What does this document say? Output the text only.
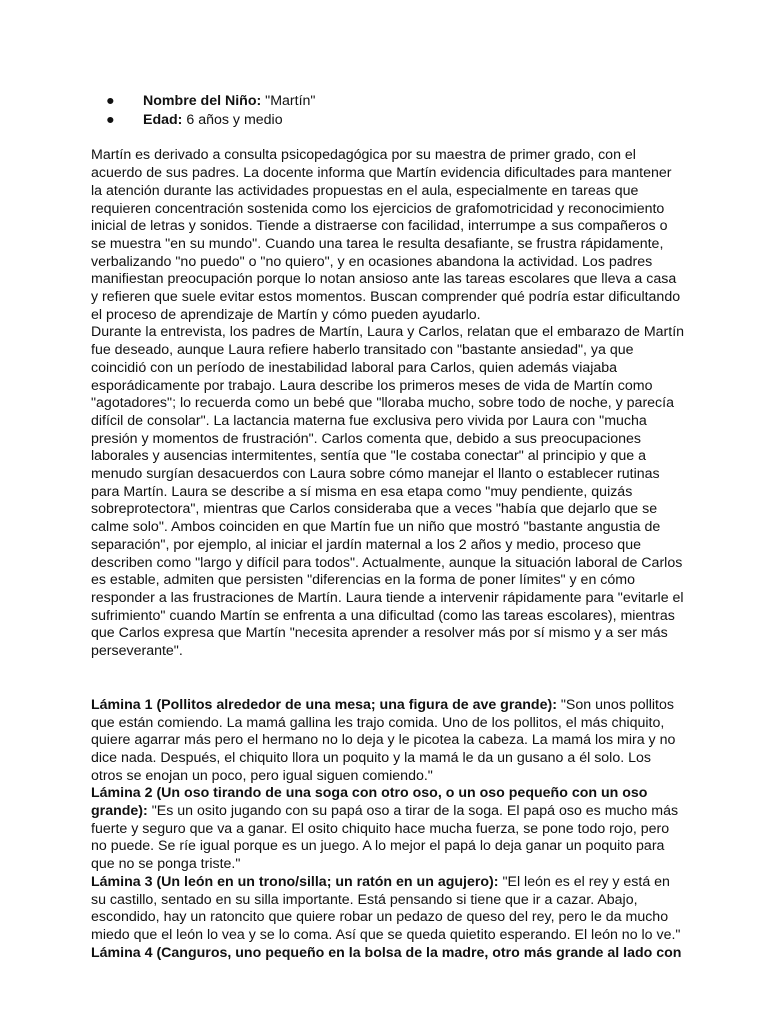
● Nombre del Niño: "Martín"
● Edad: 6 años y medio

Martín es derivado a consulta psicopedagógica por su maestra de primer grado, con el acuerdo de sus padres. La docente informa que Martín evidencia dificultades para mantener la atención durante las actividades propuestas en el aula, especialmente en tareas que requieren concentración sostenida como los ejercicios de grafomotricidad y reconocimiento inicial de letras y sonidos. Tiende a distraerse con facilidad, interrumpe a sus compañeros o se muestra "en su mundo". Cuando una tarea le resulta desafiante, se frustra rápidamente, verbalizando "no puedo" o "no quiero", y en ocasiones abandona la actividad. Los padres manifiestan preocupación porque lo notan ansioso ante las tareas escolares que lleva a casa y refieren que suele evitar estos momentos. Buscan comprender qué podría estar dificultando el proceso de aprendizaje de Martín y cómo pueden ayudarlo.

Durante la entrevista, los padres de Martín, Laura y Carlos, relatan que el embarazo de Martín fue deseado, aunque Laura refiere haberlo transitado con "bastante ansiedad", ya que coincidió con un período de inestabilidad laboral para Carlos, quien además viajaba esporádicamente por trabajo. Laura describe los primeros meses de vida de Martín como "agotadores"; lo recuerda como un bebé que "lloraba mucho, sobre todo de noche, y parecía difícil de consolar". La lactancia materna fue exclusiva pero vivida por Laura con "mucha presión y momentos de frustración". Carlos comenta que, debido a sus preocupaciones laborales y ausencias intermitentes, sentía que "le costaba conectar" al principio y que a menudo surgían desacuerdos con Laura sobre cómo manejar el llanto o establecer rutinas para Martín. Laura se describe a sí misma en esa etapa como "muy pendiente, quizás sobreprotectora", mientras que Carlos consideraba que a veces "había que dejarlo que se calme solo". Ambos coinciden en que Martín fue un niño que mostró "bastante angustia de separación", por ejemplo, al iniciar el jardín maternal a los 2 años y medio, proceso que describen como "largo y difícil para todos". Actualmente, aunque la situación laboral de Carlos es estable, admiten que persisten "diferencias en la forma de poner límites" y en cómo responder a las frustraciones de Martín. Laura tiende a intervenir rápidamente para "evitarle el sufrimiento" cuando Martín se enfrenta a una dificultad (como las tareas escolares), mientras que Carlos expresa que Martín "necesita aprender a resolver más por sí mismo y a ser más perseverante".

Lámina 1 (Pollitos alrededor de una mesa; una figura de ave grande): "Son unos pollitos que están comiendo. La mamá gallina les trajo comida. Uno de los pollitos, el más chiquito, quiere agarrar más pero el hermano no lo deja y le picotea la cabeza. La mamá los mira y no dice nada. Después, el chiquito llora un poquito y la mamá le da un gusano a él solo. Los otros se enojan un poco, pero igual siguen comiendo."

Lámina 2 (Un oso tirando de una soga con otro oso, o un oso pequeño con un oso grande): "Es un osito jugando con su papá oso a tirar de la soga. El papá oso es mucho más fuerte y seguro que va a ganar. El osito chiquito hace mucha fuerza, se pone todo rojo, pero no puede. Se ríe igual porque es un juego. A lo mejor el papá lo deja ganar un poquito para que no se ponga triste."

Lámina 3 (Un león en un trono/silla; un ratón en un agujero): "El león es el rey y está en su castillo, sentado en su silla importante. Está pensando si tiene que ir a cazar. Abajo, escondido, hay un ratoncito que quiere robar un pedazo de queso del rey, pero le da mucho miedo que el león lo vea y se lo coma. Así que se queda quietito esperando. El león no lo ve."

Lámina 4 (Canguros, uno pequeño en la bolsa de la madre, otro más grande al lado con
